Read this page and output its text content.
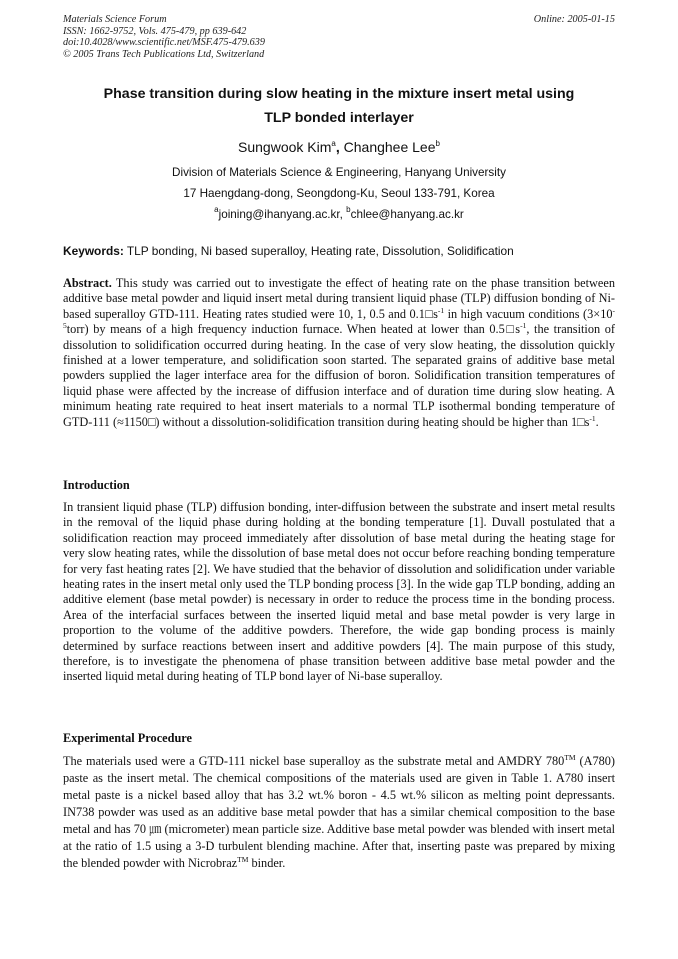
Materials Science Forum
ISSN: 1662-9752, Vols. 475-479, pp 639-642
doi:10.4028/www.scientific.net/MSF.475-479.639
© 2005 Trans Tech Publications Ltd, Switzerland
Online: 2005-01-15
Phase transition during slow heating in the mixture insert metal using
TLP bonded interlayer
Sungwook Kim$^a$, Changhee Lee$^b$
Division of Materials Science & Engineering, Hanyang University
17 Haengdang-dong, Seongdong-Ku, Seoul 133-791, Korea
$^a$joining@ihanyang.ac.kr, $^b$chlee@hanyang.ac.kr
Keywords: TLP bonding, Ni based superalloy, Heating rate, Dissolution, Solidification
Abstract. This study was carried out to investigate the effect of heating rate on the phase transition between additive base metal powder and liquid insert metal during transient liquid phase (TLP) diffusion bonding of Ni-based superalloy GTD-111. Heating rates studied were 10, 1, 0.5 and $0.1□s^{-1}$ in high vacuum conditions $(3\times 10^{-5}torr)$ by means of a high frequency induction furnace. When heated at lower than $0.5□s^{-1}$, the transition of dissolution to solidification occurred during heating. In the case of very slow heating, the dissolution quickly finished at a lower temperature, and solidification soon started. The separated grains of additive base metal powders supplied the lager interface area for the diffusion of boron. Solidification transition temperatures of liquid phase were affected by the increase of diffusion interface and of duration time during slow heating. A minimum heating rate required to heat insert materials to a normal TLP isothermal bonding temperature of GTD-111 (≈1150□) without a dissolution-solidification transition during heating should be higher than $1□s^{-1}$.
Introduction
In transient liquid phase (TLP) diffusion bonding, inter-diffusion between the substrate and insert metal results in the removal of the liquid phase during holding at the bonding temperature [1]. Duvall postulated that a solidification reaction may proceed immediately after dissolution of base metal during the heating stage for very slow heating rates, while the dissolution of base metal does not occur before reaching bonding temperature for very fast heating rates [2]. We have studied that the behavior of dissolution and solidification under variable heating rates in the insert metal only used the TLP bonding process [3]. In the wide gap TLP bonding, adding an additive element (base metal powder) is necessary in order to reduce the process time in the bonding process. Area of the interfacial surfaces between the inserted liquid metal and base metal powder is very large in proportion to the volume of the additive powders. Therefore, the wide gap bonding process is mainly determined by surface reactions between insert and additive powders [4]. The main purpose of this study, therefore, is to investigate the phenomena of phase transition between additive base metal powder and the inserted liquid metal during heating of TLP bond layer of Ni-base superalloy.
Experimental Procedure
The materials used were a GTD-111 nickel base superalloy as the substrate metal and AMDRY 780™ (A780) paste as the insert metal. The chemical compositions of the materials used are given in Table 1. A780 insert metal paste is a nickel based alloy that has 3.2 wt.% boron - 4.5 wt.% silicon as melting point depressants. IN738 powder was used as an additive base metal powder that has a similar chemical composition to the base metal and has 70 ㎛ (micrometer) mean particle size. Additive base metal powder was blended with insert metal at the ratio of 1.5 using a 3-D turbulent blending machine. After that, inserting paste was prepared by mixing the blended powder with Nicrobraz™ binder.
